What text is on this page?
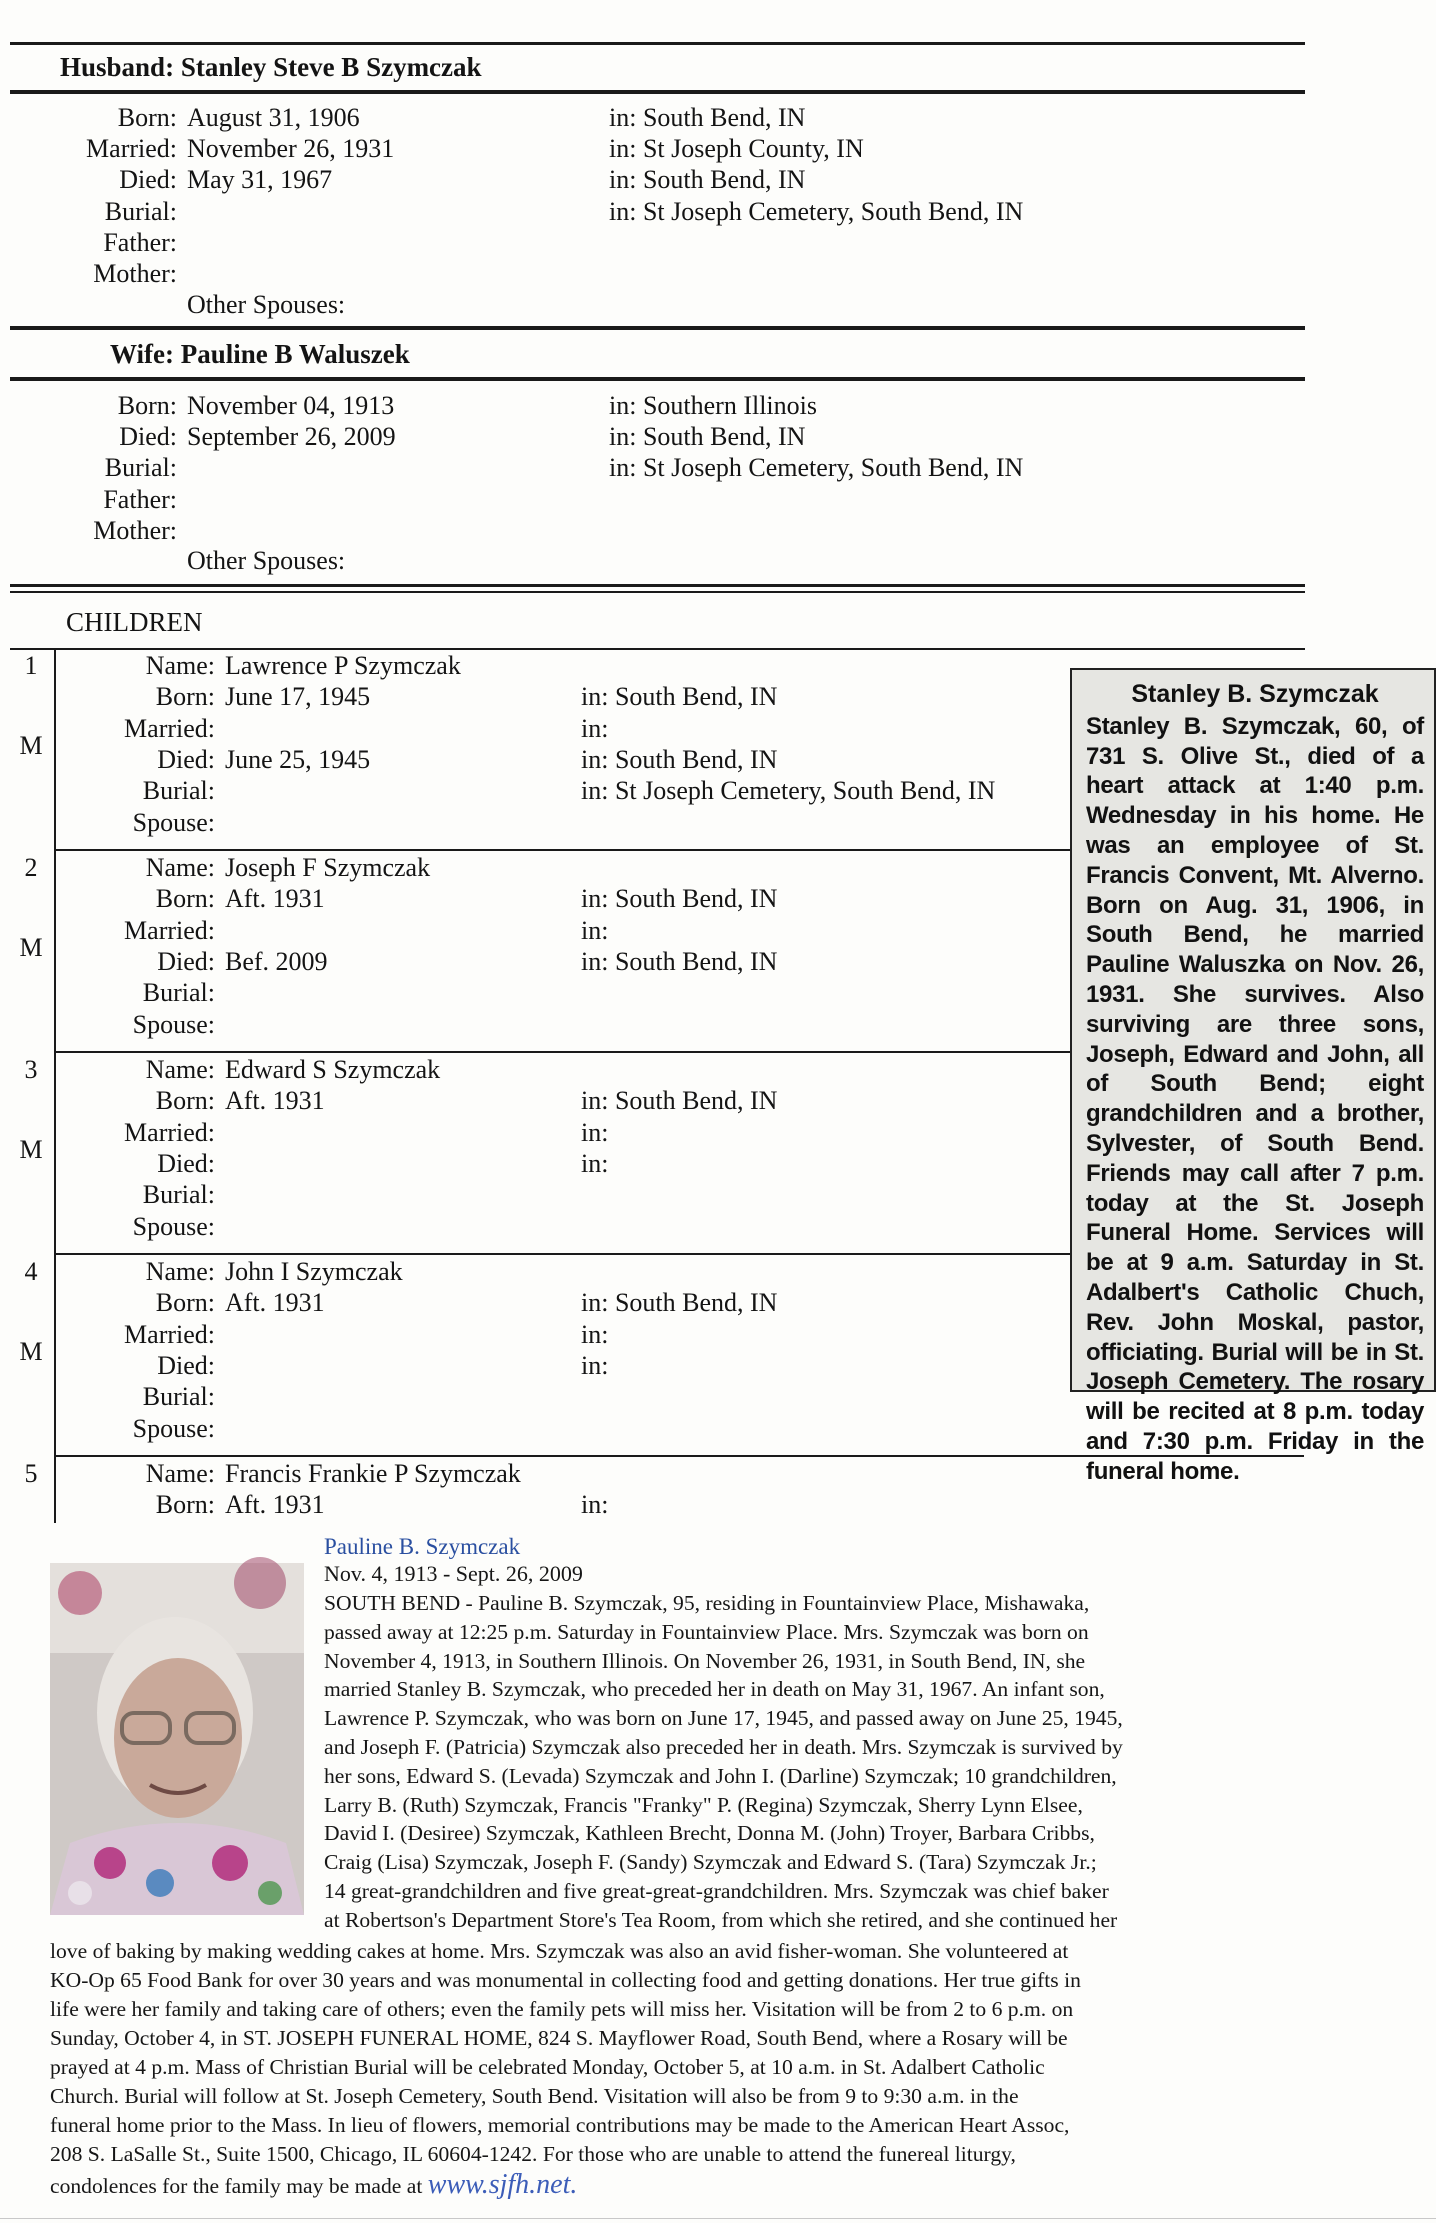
Husband: Stanley Steve B Szymczak
Born: August 31, 1906	in: South Bend, IN
Married: November 26, 1931	in: St Joseph County, IN
Died: May 31, 1967	in: South Bend, IN
Burial:	in: St Joseph Cemetery, South Bend, IN
Father:
Mother:
Other Spouses:
Wife: Pauline B Waluszek
Born: November 04, 1913	in: Southern Illinois
Died: September 26, 2009	in: South Bend, IN
Burial:	in: St Joseph Cemetery, South Bend, IN
Father:
Mother:
Other Spouses:
CHILDREN
1
M
Name: Lawrence P Szymczak
Born: June 17, 1945	in: South Bend, IN
Married:	in:
Died: June 25, 1945	in: South Bend, IN
Burial:	in: St Joseph Cemetery, South Bend, IN
Spouse:
2
M
Name: Joseph F Szymczak
Born: Aft. 1931	in: South Bend, IN
Married:	in:
Died: Bef. 2009	in: South Bend, IN
Burial:
Spouse:
3
M
Name: Edward S Szymczak
Born: Aft. 1931	in: South Bend, IN
Married:	in:
Died:	in:
Burial:
Spouse:
4
M
Name: John I Szymczak
Born: Aft. 1931	in: South Bend, IN
Married:	in:
Died:	in:
Burial:
Spouse:
5	Name: Francis Frankie P Szymczak
Born: Aft. 1931	in:
Stanley B. Szymczak
Stanley B. Szymczak, 60, of 731 S. Olive St., died of a heart attack at 1:40 p.m. Wednesday in his home. He was an employee of St. Francis Convent, Mt. Alverno. Born on Aug. 31, 1906, in South Bend, he married Pauline Waluszka on Nov. 26, 1931. She survives. Also surviving are three sons, Joseph, Edward and John, all of South Bend; eight grandchildren and a brother, Sylvester, of South Bend. Friends may call after 7 p.m. today at the St. Joseph Funeral Home. Services will be at 9 a.m. Saturday in St. Adalbert's Catholic Chuch, Rev. John Moskal, pastor, officiating. Burial will be in St. Joseph Cemetery. The rosary will be recited at 8 p.m. today and 7:30 p.m. Friday in the funeral home.
Pauline B. Szymczak
Nov. 4, 1913 - Sept. 26, 2009
SOUTH BEND - Pauline B. Szymczak, 95, residing in Fountainview Place, Mishawaka,
passed away at 12:25 p.m. Saturday in Fountainview Place. Mrs. Szymczak was born on
November 4, 1913, in Southern Illinois. On November 26, 1931, in South Bend, IN, she
married Stanley B. Szymczak, who preceded her in death on May 31, 1967. An infant son,
Lawrence P. Szymczak, who was born on June 17, 1945, and passed away on June 25, 1945,
and Joseph F. (Patricia) Szymczak also preceded her in death. Mrs. Szymczak is survived by
her sons, Edward S. (Levada) Szymczak and John I. (Darline) Szymczak; 10 grandchildren,
Larry B. (Ruth) Szymczak, Francis "Franky" P. (Regina) Szymczak, Sherry Lynn Elsee,
David I. (Desiree) Szymczak, Kathleen Brecht, Donna M. (John) Troyer, Barbara Cribbs,
Craig (Lisa) Szymczak, Joseph F. (Sandy) Szymczak and Edward S. (Tara) Szymczak Jr.;
14 great-grandchildren and five great-great-grandchildren. Mrs. Szymczak was chief baker
at Robertson's Department Store's Tea Room, from which she retired, and she continued her
love of baking by making wedding cakes at home. Mrs. Szymczak was also an avid fisher-woman. She volunteered at
KO-Op 65 Food Bank for over 30 years and was monumental in collecting food and getting donations. Her true gifts in
life were her family and taking care of others; even the family pets will miss her. Visitation will be from 2 to 6 p.m. on
Sunday, October 4, in ST. JOSEPH FUNERAL HOME, 824 S. Mayflower Road, South Bend, where a Rosary will be
prayed at 4 p.m. Mass of Christian Burial will be celebrated Monday, October 5, at 10 a.m. in St. Adalbert Catholic
Church. Burial will follow at St. Joseph Cemetery, South Bend. Visitation will also be from 9 to 9:30 a.m. in the
funeral home prior to the Mass. In lieu of flowers, memorial contributions may be made to the American Heart Assoc,
208 S. LaSalle St., Suite 1500, Chicago, IL 60604-1242. For those who are unable to attend the funereal liturgy,
condolences for the family may be made at www.sjfh.net.
